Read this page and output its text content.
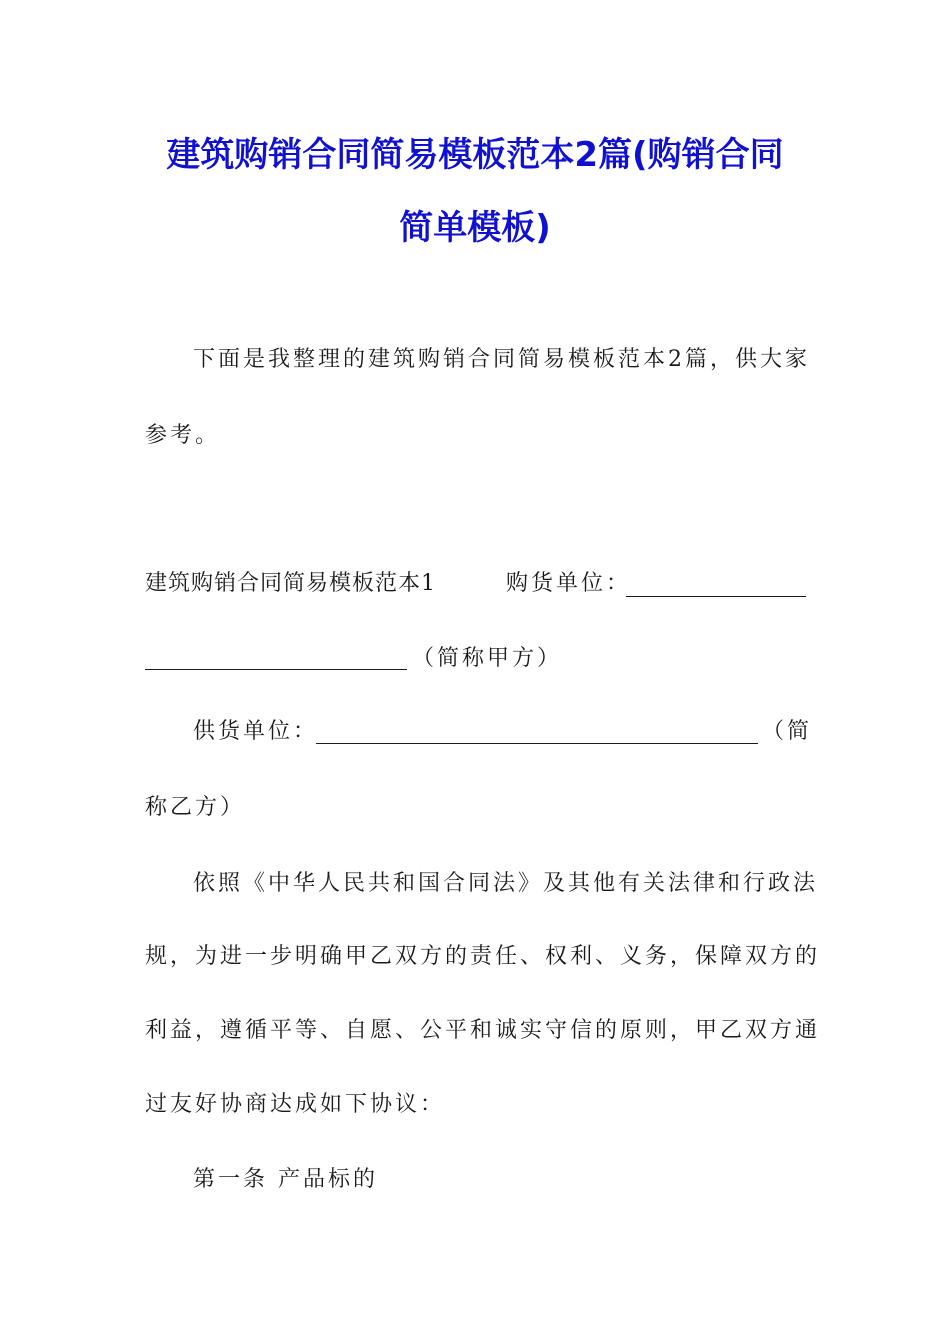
建筑购销合同简易模板范本2篇(购销合同
简单模板)
下面是我整理的建筑购销合同简易模板范本2篇，供大家
参考。
建筑购销合同简易模板范本1	购货单位：
（简称甲方）
供货单位：	（简
称乙方）
依照《中华人民共和国合同法》及其他有关法律和行政法
规，为进一步明确甲乙双方的责任、权利、义务，保障双方的
利益，遵循平等、自愿、公平和诚实守信的原则，甲乙双方通
过友好协商达成如下协议：
第一条 产品标的
